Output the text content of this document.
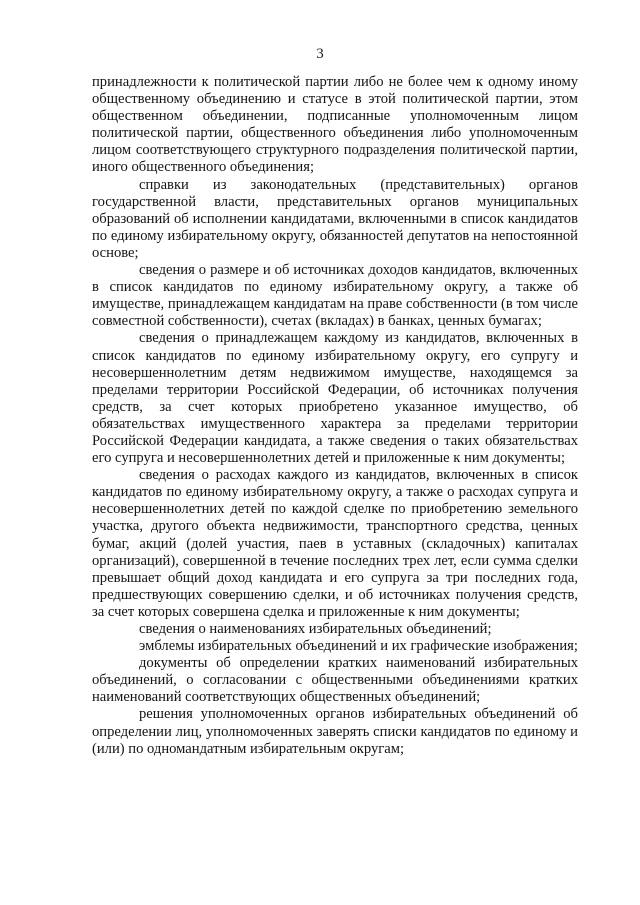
3

принадлежности к политической партии либо не более чем к одному иному общественному объединению и статусе в этой политической партии, этом общественном объединении, подписанные уполномоченным лицом политической партии, общественного объединения либо уполномоченным лицом соответствующего структурного подразделения политической партии, иного общественного объединения;

справки из законодательных (представительных) органов государственной власти, представительных органов муниципальных образований об исполнении кандидатами, включенными в список кандидатов по единому избирательному округу, обязанностей депутатов на непостоянной основе;

сведения о размере и об источниках доходов кандидатов, включенных в список кандидатов по единому избирательному округу, а также об имуществе, принадлежащем кандидатам на праве собственности (в том числе совместной собственности), счетах (вкладах) в банках, ценных бумагах;

сведения о принадлежащем каждому из кандидатов, включенных в список кандидатов по единому избирательному округу, его супругу и несовершеннолетним детям недвижимом имуществе, находящемся за пределами территории Российской Федерации, об источниках получения средств, за счет которых приобретено указанное имущество, об обязательствах имущественного характера за пределами территории Российской Федерации кандидата, а также сведения о таких обязательствах его супруга и несовершеннолетних детей и приложенные к ним документы;

сведения о расходах каждого из кандидатов, включенных в список кандидатов по единому избирательному округу, а также о расходах супруга и несовершеннолетних детей по каждой сделке по приобретению земельного участка, другого объекта недвижимости, транспортного средства, ценных бумаг, акций (долей участия, паев в уставных (складочных) капиталах организаций), совершенной в течение последних трех лет, если сумма сделки превышает общий доход кандидата и его супруга за три последних года, предшествующих совершению сделки, и об источниках получения средств, за счет которых совершена сделка и приложенные к ним документы;

сведения о наименованиях избирательных объединений;

эмблемы избирательных объединений и их графические изображения;

документы об определении кратких наименований избирательных объединений, о согласовании с общественными объединениями кратких наименований соответствующих общественных объединений;

решения уполномоченных органов избирательных объединений об определении лиц, уполномоченных заверять списки кандидатов по единому и (или) по одномандатным избирательным округам;
